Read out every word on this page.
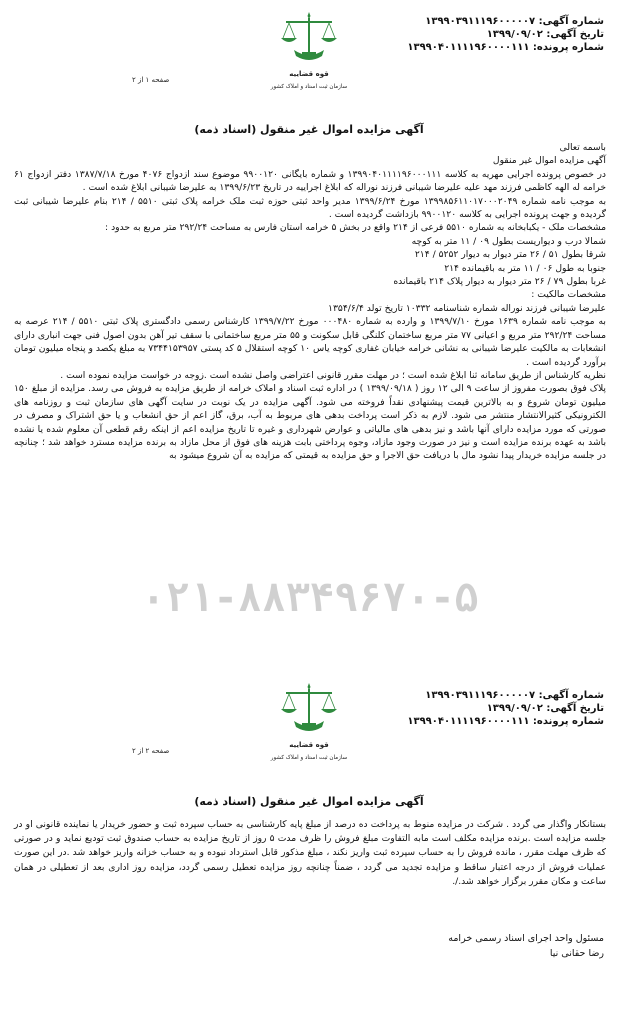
شماره آگهی: ۱۳۹۹۰۳۹۱۱۱۹۶۰۰۰۰۰۷
تاریخ آگهی: ۱۳۹۹/۰۹/۰۲
شماره پرونده: ۱۳۹۹۰۴۰۱۱۱۱۹۶۰۰۰۰۱۱۱
قوه قضاییه
سازمان ثبت اسناد و املاک کشور
صفحه ۱ از ۲
آگهی مزایده اموال غیر منقول (اسناد ذمه)

باسمه تعالی

آگهی مزایده اموال غیر منقول

در خصوص پرونده اجرایی مهریه به کلاسه ۱۳۹۹۰۴۰۱۱۱۱۹۶۰۰۰۱۱۱ و شماره بایگانی ۹۹۰۰۱۲۰ موضوع سند ازدواج ۴۰۷۶ مورخ ۱۳۸۷/۷/۱۸ دفتر ازدواج ۶۱ خرامه له الهه کاظمی فرزند مهد علیه علیرضا شیبانی فرزند نوراله که ابلاغ اجراییه در تاریخ ۱۳۹۹/۶/۲۳ به علیرضا شیبانی ابلاغ شده است .

به موجب نامه شماره ۱۳۹۹۸۵۶۱۱۰۱۷۰۰۰۲۰۴۹ مورخ ۱۳۹۹/۶/۲۴ مدیر واحد ثبتی حوزه ثبت ملک خرامه پلاک ثبتی ۵۵۱۰ / ۲۱۴ بنام علیرضا شیبانی ثبت گردیده و جهت پرونده اجرایی به کلاسه ۹۹۰۰۱۲۰ بازداشت گردیده است .

مشخصات ملک - یکبابخانه به شماره ۵۵۱۰ فرعی از ۲۱۴ واقع در بخش ۵ خرامه استان فارس به مساحت ۲۹۲/۲۴ متر مربع به حدود :

شمالا درب و دیواریست بطول ۰۹ / ۱۱ متر به کوچه

شرقا بطول ۵۱ / ۲۶ متر دیوار به دیوار ۵۲۵۲ / ۲۱۴

جنوبا به طول ۰۶ / ۱۱ متر به باقیمانده ۲۱۴

غربا بطول ۷۹ / ۲۶ متر دیوار به دیوار پلاک ۲۱۴ باقیمانده

مشخصات مالکیت :

علیرضا شیبانی فرزند نوراله شماره شناسنامه ۱۰۳۳۲ تاریخ تولد ۱۳۵۴/۶/۴

به موجب نامه شماره ۱۶۳۹ مورخ ۱۳۹۹/۷/۱۰ و وارده به شماره ۰۰۰۴۸۰ مورخ ۱۳۹۹/۷/۲۲ کارشناس رسمی دادگستری پلاک ثبتی ۵۵۱۰ / ۲۱۴ عرصه به مساحت ۲۹۲/۲۴ متر مربع و اعیانی ۷۷ متر مربع ساختمان کلنگی قابل سکونت و ۵۵ متر مربع ساختمانی با سقف تیر آهن بدون اصول فنی جهت انباری دارای انشعابات به مالکیت علیرضا شیبانی به نشانی خرامه خیابان غفاری کوچه یاس ۱۰ کوچه استقلال ۵ کد پستی ۷۳۴۴۱۵۳۹۵۷ به مبلغ یکصد و پنجاه میلیون تومان برآورد گردیده است .

نظریه کارشناس از طریق سامانه ثنا ابلاغ شده است ؛ در مهلت مقرر قانونی اعتراضی واصل نشده است .زوجه در خواست مزایده نموده است .

پلاک فوق بصورت مفروز از ساعت ۹ الی ۱۲ روز ( ۱۳۹۹/۰۹/۱۸ ) در اداره ثبت اسناد و املاک خرامه از طریق مزایده به فروش می رسد. مزایده از مبلغ ۱۵۰ میلیون تومان شروع و به بالاترین قیمت پیشنهادی نقداً فروخته می شود. آگهی مزایده در یک نوبت در سایت آگهی های سازمان ثبت و روزنامه های الکترونیکی کثیرالانتشار منتشر می شود. لازم به ذکر است پرداخت بدهی های مربوط به آب، برق، گاز اعم از حق انشعاب و یا حق اشتراک و مصرف در صورتی که مورد مزایده دارای آنها باشد و نیز بدهی های مالیاتی و عوارض شهرداری و غیره تا تاریخ مزایده اعم از اینکه رقم قطعی آن معلوم شده یا نشده باشد به عهده برنده مزایده است و نیز در صورت وجود مازاد، وجوه پرداختی بابت هزینه های فوق از محل مازاد به برنده مزایده مسترد خواهد شد ؛ چنانچه در جلسه مزایده خریدار پیدا نشود مال با دریافت حق الاجرا و حق مزایده به قیمتی که مزایده به آن شروع میشود به

۰۲۱-۸۸۳۴۹۶۷۰-۵
شماره آگهی: ۱۳۹۹۰۳۹۱۱۱۹۶۰۰۰۰۰۷
تاریخ آگهی: ۱۳۹۹/۰۹/۰۲
شماره پرونده: ۱۳۹۹۰۴۰۱۱۱۱۹۶۰۰۰۰۱۱۱
قوه قضاییه
سازمان ثبت اسناد و املاک کشور
صفحه ۲ از ۲
آگهی مزایده اموال غیر منقول (اسناد ذمه)

بستانکار واگذار می گردد . شرکت در مزایده منوط به پرداخت ده درصد از مبلغ پایه کارشناسی به حساب سپرده ثبت و حضور خریدار یا نماینده قانونی او در جلسه مزایده است .برنده مزایده مکلف است مابه التفاوت مبلغ فروش را ظرف مدت ۵ روز از تاریخ مزایده به حساب صندوق ثبت تودیع نماید و در صورتی که ظرف مهلت مقرر ، مانده فروش را به حساب سپرده ثبت واریز نکند ، مبلغ مذکور قابل استرداد نبوده و به حساب خزانه واریز خواهد شد .در این صورت عملیات فروش از درجه اعتبار ساقط و مزایده تجدید می گردد ، ضمناً چنانچه روز مزایده تعطیل رسمی گردد، مزایده روز اداری بعد از تعطیلی در همان ساعت و مکان مقرر برگزار خواهد شد./.

مسئول واحد اجرای اسناد رسمی خرامه
رضا حقانی نیا
